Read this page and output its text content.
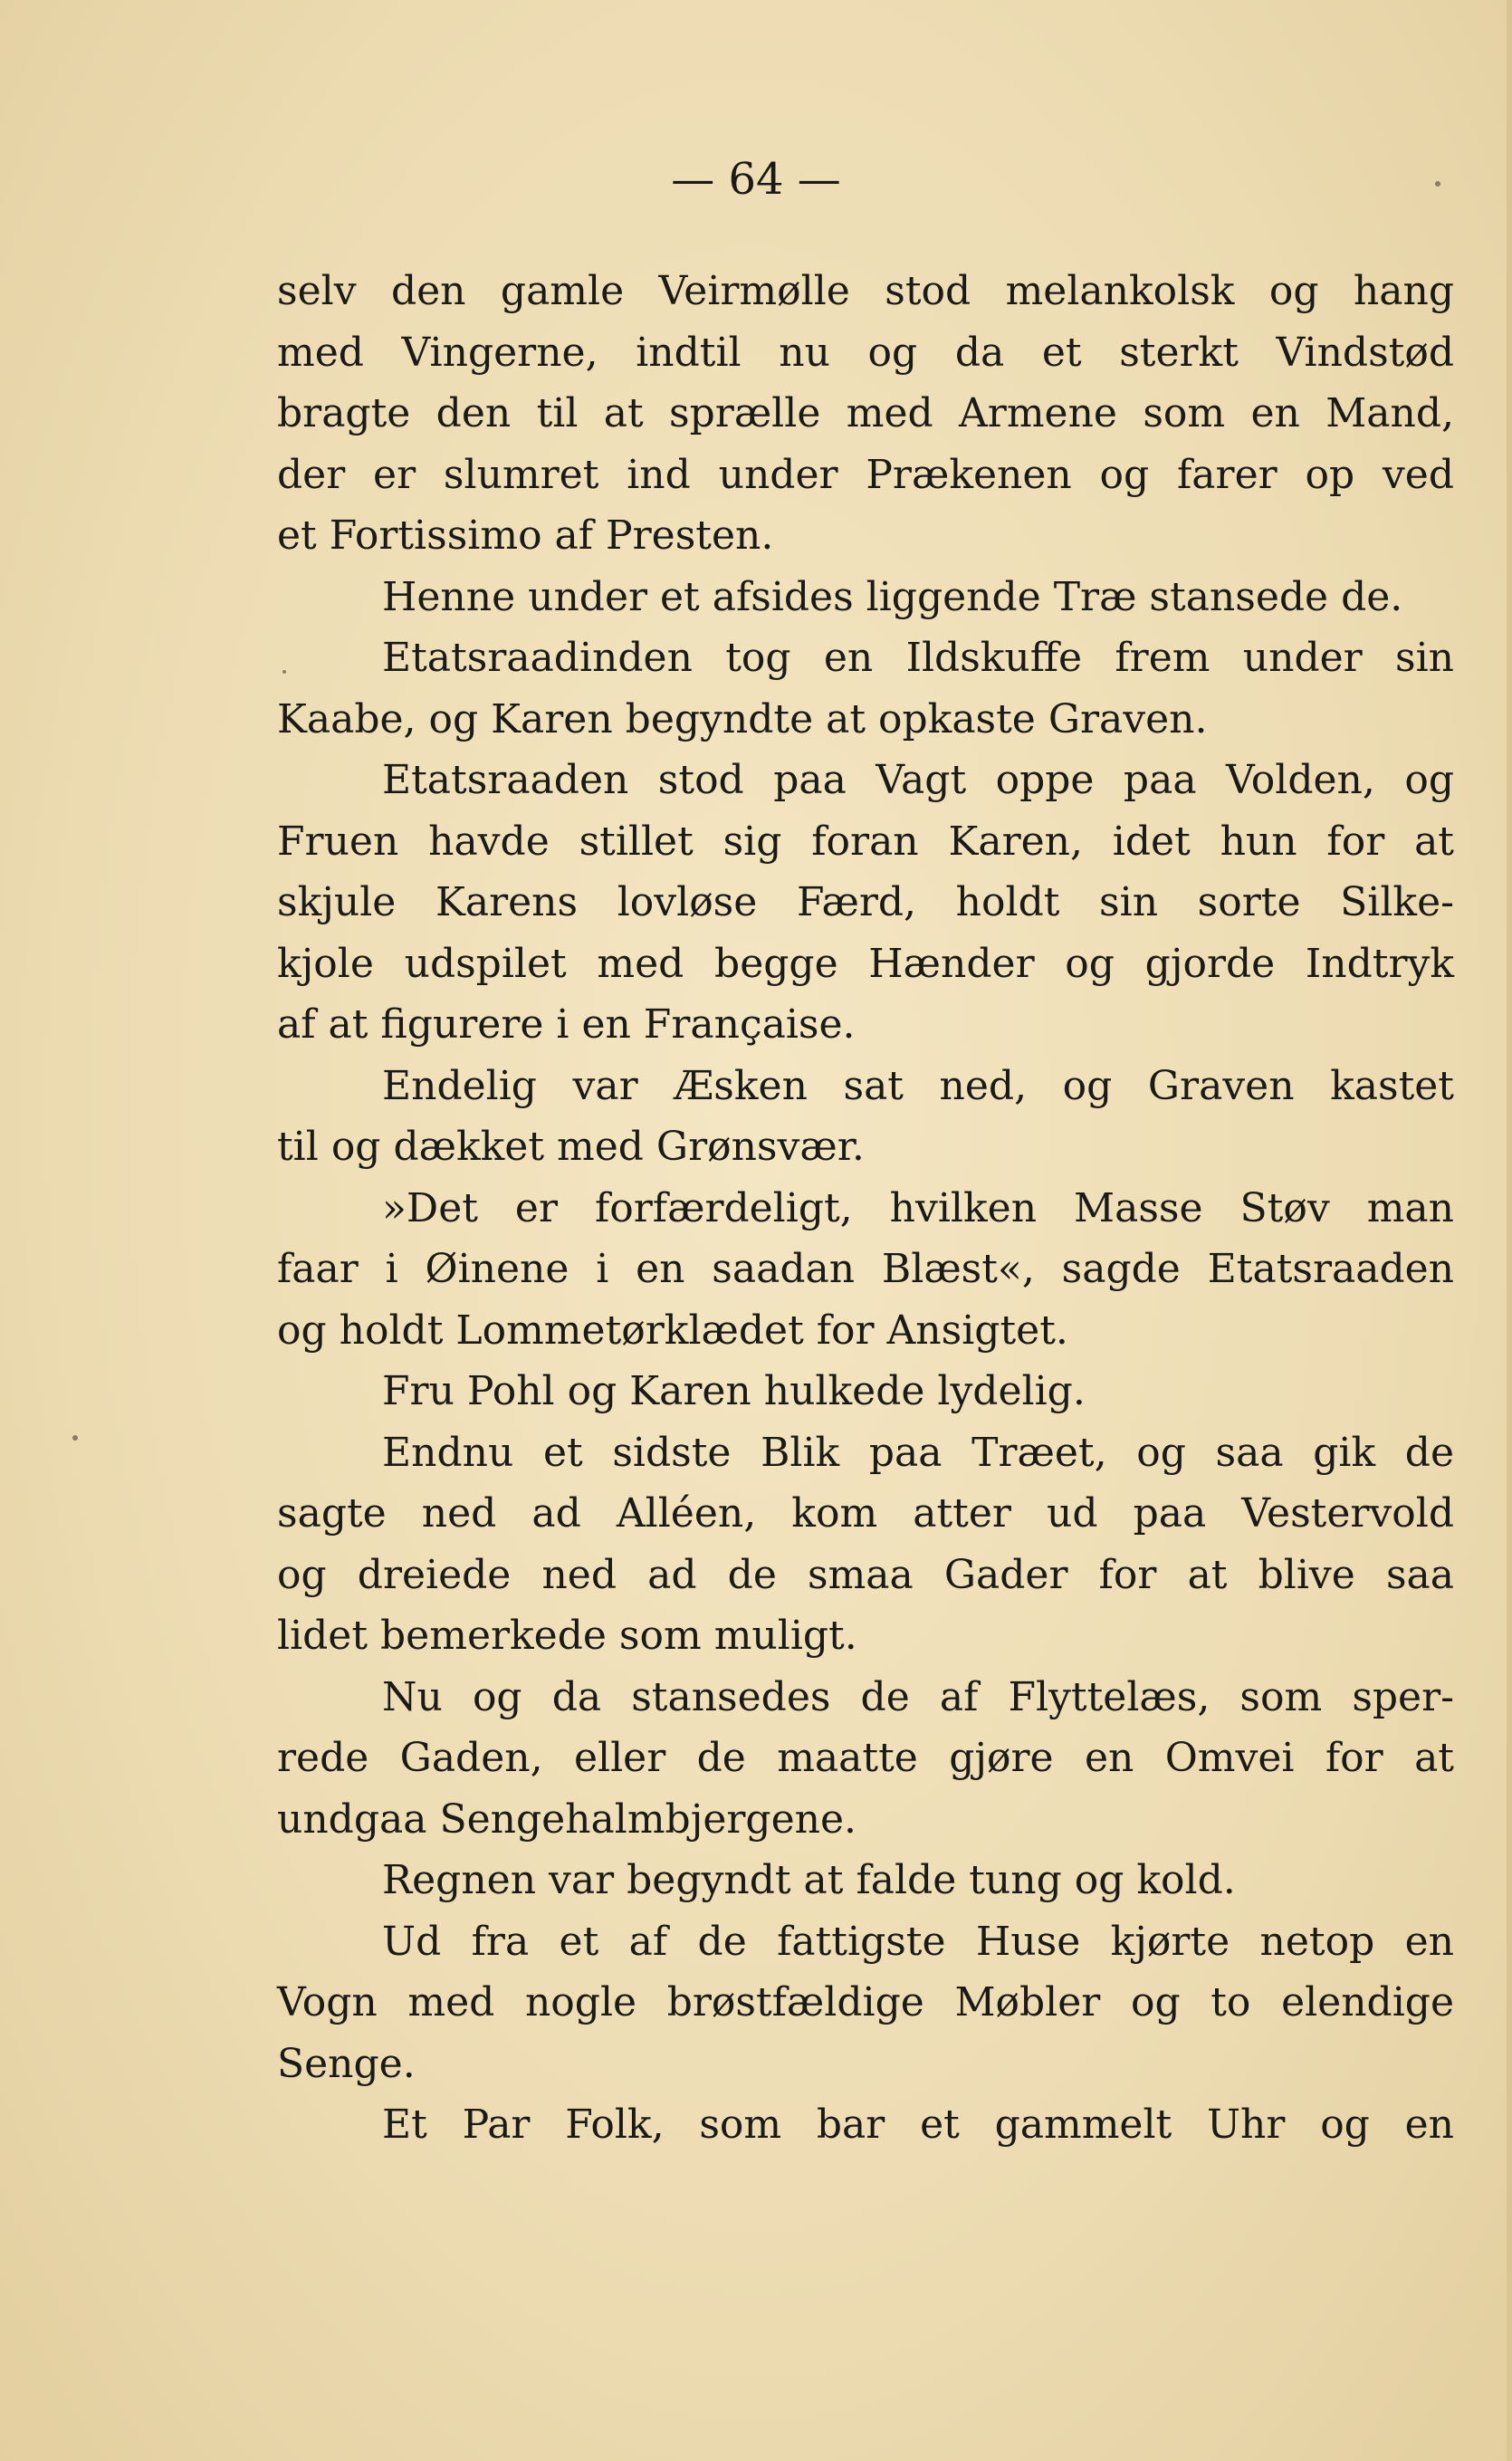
— 64 —
selv den gamle Veirmølle stod melankolsk og hang
med Vingerne, indtil nu og da et sterkt Vindstød
bragte den til at sprælle med Armene som en Mand,
der er slumret ind under Prækenen og farer op ved
et Fortissimo af Presten.
Henne under et afsides liggende Træ stansede de.
Etatsraadinden tog en Ildskuffe frem under sin
Kaabe, og Karen begyndte at opkaste Graven.
Etatsraaden stod paa Vagt oppe paa Volden, og
Fruen havde stillet sig foran Karen, idet hun for at
skjule Karens lovløse Færd, holdt sin sorte Silke-
kjole udspilet med begge Hænder og gjorde Indtryk
af at figurere i en Française.
Endelig var Æsken sat ned, og Graven kastet
til og dækket med Grønsvær.
»Det er forfærdeligt, hvilken Masse Støv man
faar i Øinene i en saadan Blæst«, sagde Etatsraaden
og holdt Lommetørklædet for Ansigtet.
Fru Pohl og Karen hulkede lydelig.
Endnu et sidste Blik paa Træet, og saa gik de
sagte ned ad Alléen, kom atter ud paa Vestervold
og dreiede ned ad de smaa Gader for at blive saa
lidet bemerkede som muligt.
Nu og da stansedes de af Flyttelæs, som sper-
rede Gaden, eller de maatte gjøre en Omvei for at
undgaa Sengehalmbjergene.
Regnen var begyndt at falde tung og kold.
Ud fra et af de fattigste Huse kjørte netop en
Vogn med nogle brøstfældige Møbler og to elendige
Senge.
Et Par Folk, som bar et gammelt Uhr og en
